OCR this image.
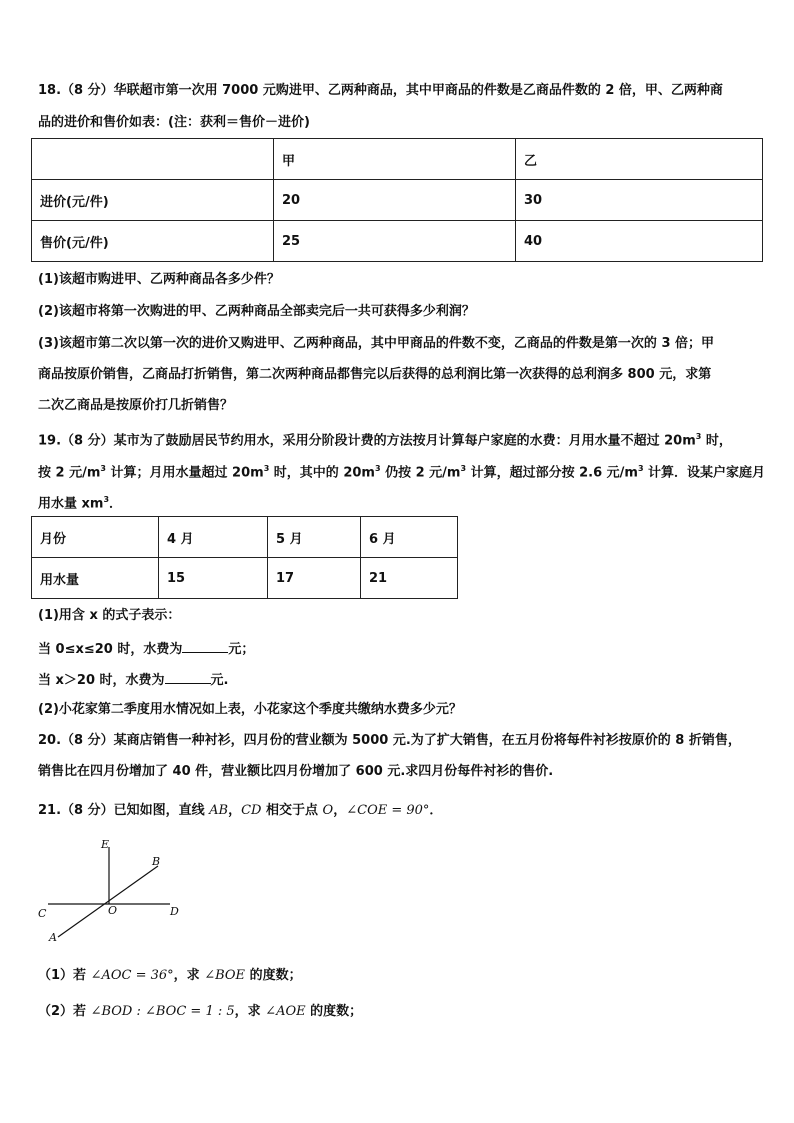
18.（8 分）华联超市第一次用 7000 元购进甲、乙两种商品，其中甲商品的件数是乙商品件数的 2 倍，甲、乙两种商
品的进价和售价如表：(注：获利＝售价－进价)
	甲	乙
进价(元/件)	20	30
售价(元/件)	25	40
(1)该超市购进甲、乙两种商品各多少件？
(2)该超市将第一次购进的甲、乙两种商品全部卖完后一共可获得多少利润？
(3)该超市第二次以第一次的进价又购进甲、乙两种商品，其中甲商品的件数不变，乙商品的件数是第一次的 3 倍；甲
商品按原价销售，乙商品打折销售，第二次两种商品都售完以后获得的总利润比第一次获得的总利润多 800 元，求第
二次乙商品是按原价打几折销售？
19.（8 分）某市为了鼓励居民节约用水，采用分阶段计费的方法按月计算每户家庭的水费：月用水量不超过 $20m^3$ 时，
按 2 元$/m^3$ 计算；月用水量超过 $20m^3$ 时，其中的 $20m^3$ 仍按 2 元$/m^3$ 计算，超过部分按 2.6 元$/m^3$ 计算．设某户家庭月
用水量 $xm^3$．
月份	4 月	5 月	6 月
用水量	15	17	21
(1)用含 x 的式子表示：
当 0≤x≤20 时，水费为	元；
当 x＞20 时，水费为	元.
(2)小花家第二季度用水情况如上表，小花家这个季度共缴纳水费多少元？
20.（8 分）某商店销售一种衬衫，四月份的营业额为 5000 元.为了扩大销售，在五月份将每件衬衫按原价的 8 折销售，
销售比在四月份增加了 40 件，营业额比四月份增加了 600 元.求四月份每件衬衫的售价.
21.（8 分）已知如图，直线 AB，CD 相交于点 O，∠COE = 90°．
E
B
C	O	D
A
（1）若 ∠AOC = 36°，求 ∠BOE 的度数；
（2）若 ∠BOD : ∠BOC = 1 : 5，求 ∠AOE 的度数；
